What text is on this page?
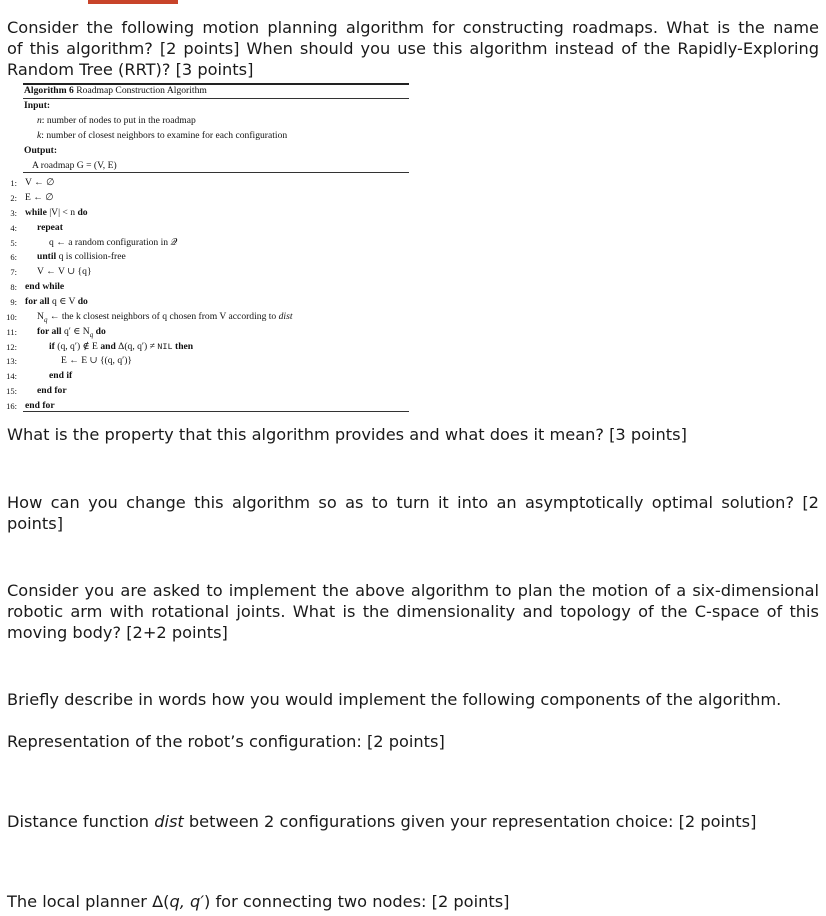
Consider the following motion planning algorithm for constructing roadmaps. What is the name

of this algorithm? [2 points] When should you use this algorithm instead of the Rapidly-Exploring

Random Tree (RRT)? [3 points]

Algorithm 6 Roadmap Construction Algorithm
Input:
n: number of nodes to put in the roadmap
k: number of closest neighbors to examine for each configuration
Output:
A roadmap G = (V, E)
1: V ← ∅
2: E ← ∅
3: while |V| < n do
4: repeat
5:	q ← a random configuration in 𝒬
6: until q is collision-free
7: V ← V ∪ {q}
8: end while
9: for all q ∈ V do
10: $N_q$ ← the k closest neighbors of q chosen from V according to dist
11: for all q′ ∈ $N_q$ do
12:	if (q, q′) ∉ E and Δ(q, q′) ≠ NIL then
13:	E ← E ∪ {(q, q′)}
14:	end if
15: end for
16: end for

What is the property that this algorithm provides and what does it mean? [3 points]

How can you change this algorithm so as to turn it into an asymptotically optimal solution? [2

points]

Consider you are asked to implement the above algorithm to plan the motion of a six-dimensional

robotic arm with rotational joints. What is the dimensionality and topology of the C-space of this

moving body? [2+2 points]

Briefly describe in words how you would implement the following components of the algorithm.

Representation of the robot’s configuration: [2 points]

Distance function dist between 2 configurations given your representation choice: [2 points]

The local planner Δ(q, q′) for connecting two nodes: [2 points]
